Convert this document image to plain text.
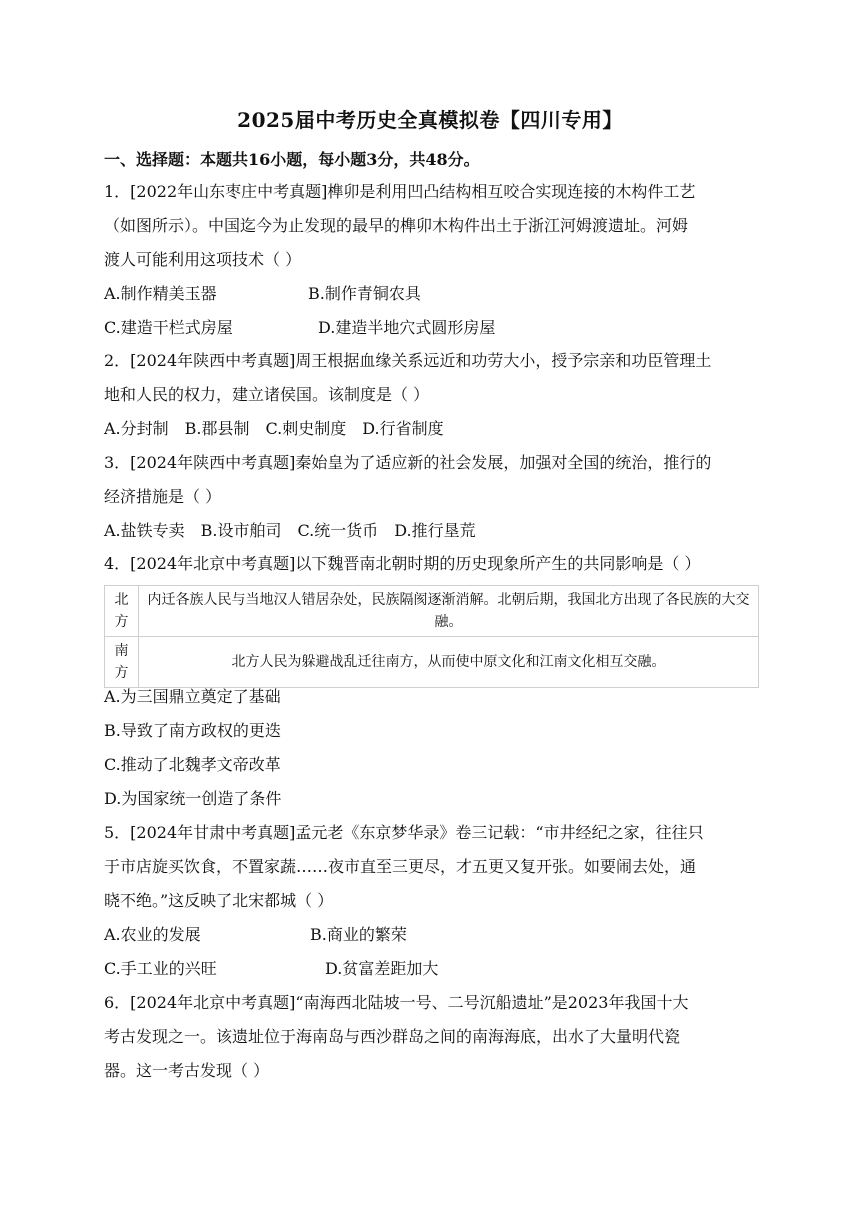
2025届中考历史全真模拟卷【四川专用】
一、选择题：本题共16小题，每小题3分，共48分。
1．[2022年山东枣庄中考真题]榫卯是利用凹凸结构相互咬合实现连接的木构件工艺
（如图所示）。中国迄今为止发现的最早的榫卯木构件出土于浙江河姆渡遗址。河姆
渡人可能利用这项技术（ ）
A.制作精美玉器	B.制作青铜农具
C.建造干栏式房屋	D.建造半地穴式圆形房屋
2．[2024年陕西中考真题]周王根据血缘关系远近和功劳大小，授予宗亲和功臣管理土
地和人民的权力，建立诸侯国。该制度是（ ）
A.分封制　B.郡县制　C.刺史制度　D.行省制度
3．[2024年陕西中考真题]秦始皇为了适应新的社会发展，加强对全国的统治，推行的
经济措施是（ ）
A.盐铁专卖　B.设市舶司　C.统一货币　D.推行垦荒
4．[2024年北京中考真题]以下魏晋南北朝时期的历史现象所产生的共同影响是（ ）
北方	内迁各族人民与当地汉人错居杂处，民族隔阂逐渐消解。北朝后期，我国北方出现了各民族的大交融。
南方	北方人民为躲避战乱迁往南方，从而使中原文化和江南文化相互交融。
A.为三国鼎立奠定了基础
B.导致了南方政权的更迭
C.推动了北魏孝文帝改革
D.为国家统一创造了条件
5．[2024年甘肃中考真题]孟元老《东京梦华录》卷三记载：“市井经纪之家，往往只
于市店旋买饮食，不置家蔬……夜市直至三更尽，才五更又复开张。如要闹去处，通
晓不绝。”这反映了北宋都城（ ）
A.农业的发展	B.商业的繁荣
C.手工业的兴旺	D.贫富差距加大
6．[2024年北京中考真题]“南海西北陆坡一号、二号沉船遗址”是2023年我国十大
考古发现之一。该遗址位于海南岛与西沙群岛之间的南海海底，出水了大量明代瓷
器。这一考古发现（ ）
